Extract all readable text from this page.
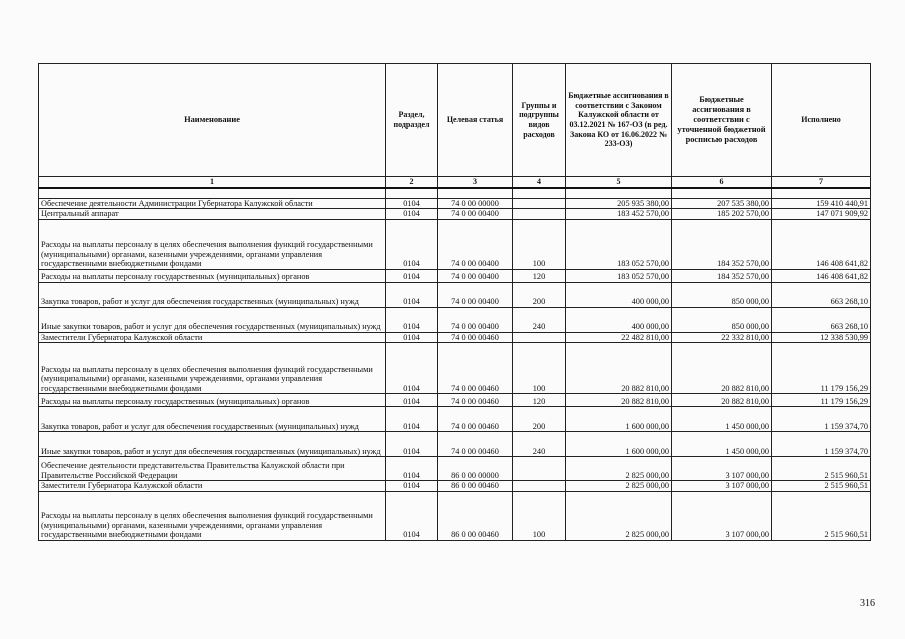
Наименование	Раздел, подраздел	Целевая статья	Группы и подгруппы видов расходов	Бюджетные ассигнования в соответствии с Законом Калужской области от 03.12.2021 № 167-ОЗ (в ред. Закона КО от 16.06.2022 № 233-ОЗ)	Бюджетные ассигнования в соответствии с уточненной бюджетной росписью расходов	Исполнено
1	2	3	4	5	6	7

Обеспечение деятельности Администрации Губернатора Калужской области	0104	74 0 00 00000		205 935 380,00	207 535 380,00	159 410 440,91
Центральный аппарат	0104	74 0 00 00400		183 452 570,00	185 202 570,00	147 071 909,92
Расходы на выплаты персоналу в целях обеспечения выполнения функций государственными (муниципальными) органами, казенными учреждениями, органами управления государственными внебюджетными фондами	0104	74 0 00 00400	100	183 052 570,00	184 352 570,00	146 408 641,82
Расходы на выплаты персоналу государственных (муниципальных) органов	0104	74 0 00 00400	120	183 052 570,00	184 352 570,00	146 408 641,82
Закупка товаров, работ и услуг для обеспечения государственных (муниципальных) нужд	0104	74 0 00 00400	200	400 000,00	850 000,00	663 268,10
Иные закупки товаров, работ и услуг для обеспечения государственных (муниципальных) нужд	0104	74 0 00 00400	240	400 000,00	850 000,00	663 268,10
Заместители Губернатора Калужской области	0104	74 0 00 00460		22 482 810,00	22 332 810,00	12 338 530,99
Расходы на выплаты персоналу в целях обеспечения выполнения функций государственными (муниципальными) органами, казенными учреждениями, органами управления государственными внебюджетными фондами	0104	74 0 00 00460	100	20 882 810,00	20 882 810,00	11 179 156,29
Расходы на выплаты персоналу государственных (муниципальных) органов	0104	74 0 00 00460	120	20 882 810,00	20 882 810,00	11 179 156,29
Закупка товаров, работ и услуг для обеспечения государственных (муниципальных) нужд	0104	74 0 00 00460	200	1 600 000,00	1 450 000,00	1 159 374,70
Иные закупки товаров, работ и услуг для обеспечения государственных (муниципальных) нужд	0104	74 0 00 00460	240	1 600 000,00	1 450 000,00	1 159 374,70
Обеспечение деятельности представительства Правительства Калужской области при Правительстве Российской Федерации	0104	86 0 00 00000		2 825 000,00	3 107 000,00	2 515 960,51
Заместители Губернатора Калужской области	0104	86 0 00 00460		2 825 000,00	3 107 000,00	2 515 960,51
Расходы на выплаты персоналу в целях обеспечения выполнения функций государственными (муниципальными) органами, казенными учреждениями, органами управления государственными внебюджетными фондами	0104	86 0 00 00460	100	2 825 000,00	3 107 000,00	2 515 960,51
316
